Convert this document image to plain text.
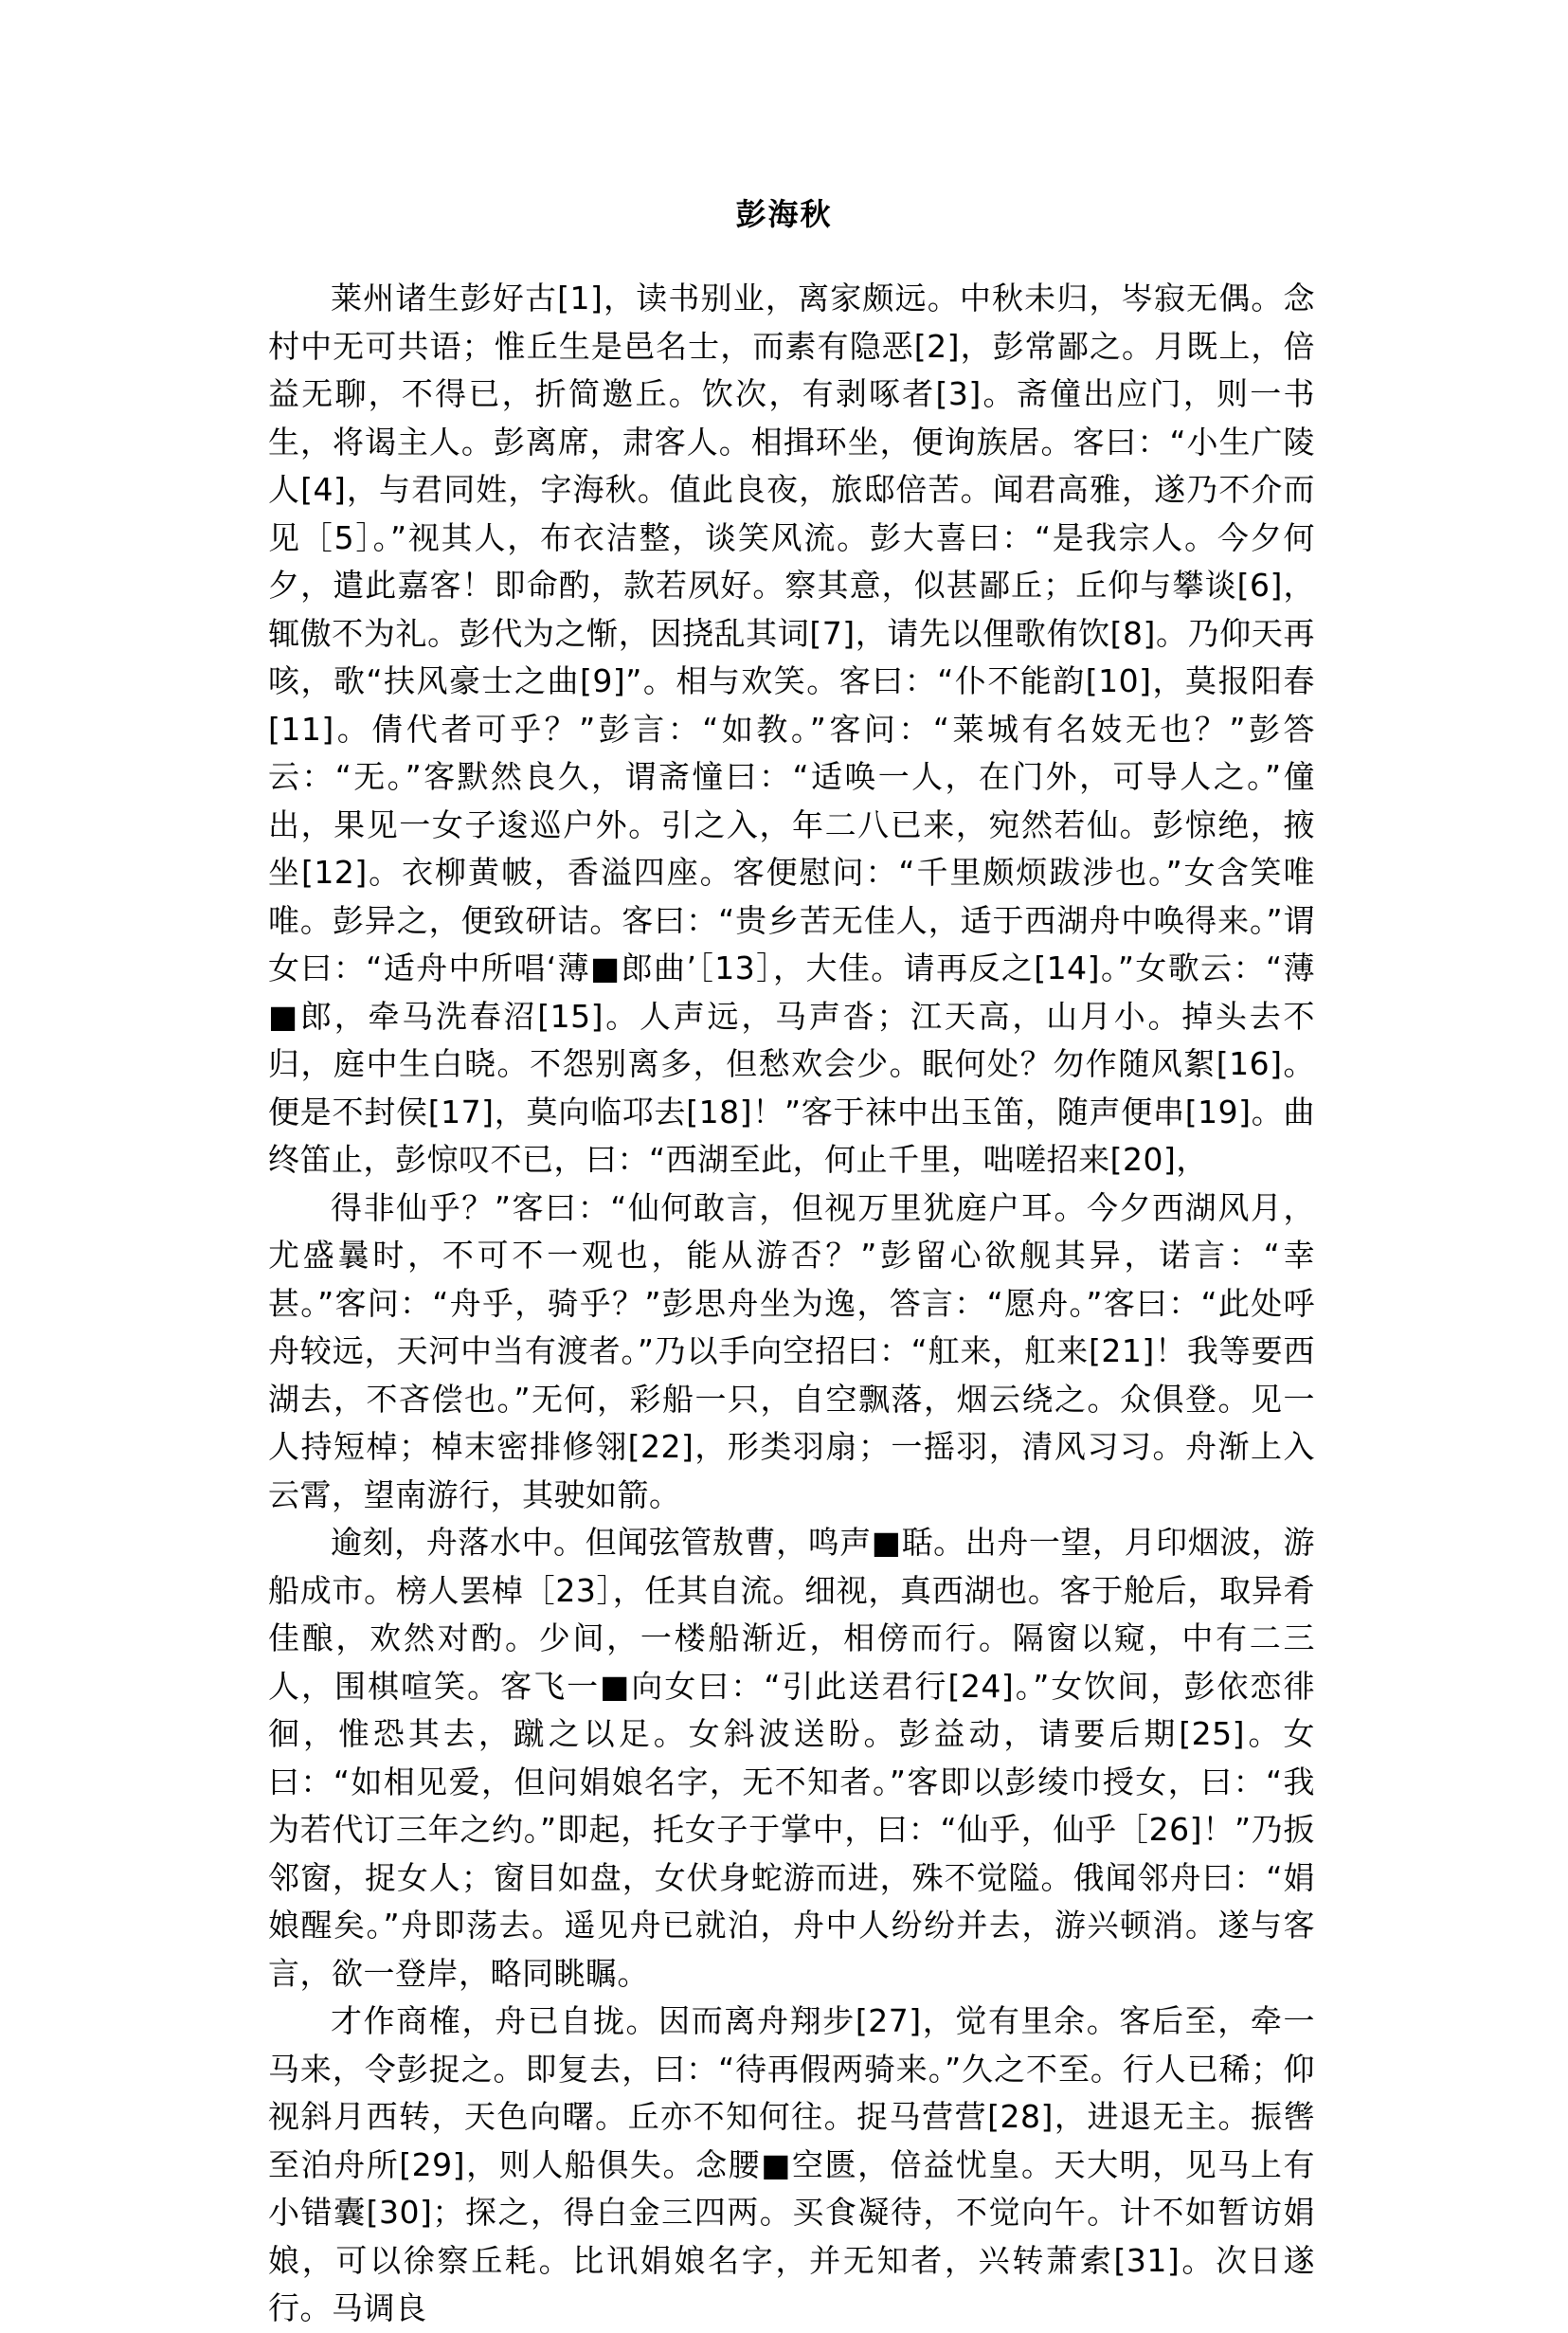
彭海秋

莱州诸生彭好古[1]，读书别业，离家颇远。中秋未归，岑寂无偶。念村中无可共语；惟丘生是邑名士，而素有隐恶[2]，彭常鄙之。月既上，倍益无聊，不得已，折简邀丘。饮次，有剥啄者[3]。斋僮出应门，则一书生，将谒主人。彭离席，肃客人。相揖环坐，便询族居。客曰：“小生广陵人[4]，与君同姓，字海秋。值此良夜，旅邸倍苦。闻君高雅，遂乃不介而见［5］。”视其人，布衣洁整，谈笑风流。彭大喜曰：“是我宗人。今夕何夕，遣此嘉客！即命酌，款若夙好。察其意，似甚鄙丘；丘仰与攀谈[6]，辄傲不为礼。彭代为之惭，因挠乱其词[7]，请先以俚歌侑饮[8]。乃仰天再咳，歌“扶风豪士之曲[9]”。相与欢笑。客曰：“仆不能韵[10]，莫报阳春[11]。倩代者可乎？”彭言：“如教。”客问：“莱城有名妓无也？”彭答云：“无。”客默然良久，谓斋憧曰：“适唤一人，在门外，可导人之。”僮出，果见一女子逡巡户外。引之入，年二八已来，宛然若仙。彭惊绝，掖坐[12]。衣柳黄帔，香溢四座。客便慰问：“千里颇烦跋涉也。”女含笑唯唯。彭异之，便致研诘。客曰：“贵乡苦无佳人，适于西湖舟中唤得来。”谓女曰：“适舟中所唱‘薄■郎曲’［13］，大佳。请再反之[14]。”女歌云：“薄■郎，牵马洗春沼[15]。人声远，马声沓；江天高，山月小。掉头去不归，庭中生白晓。不怨别离多，但愁欢会少。眠何处？勿作随风絮[16]。便是不封侯[17]，莫向临邛去[18]！”客于袜中出玉笛，随声便串[19]。曲终笛止，彭惊叹不已，曰：“西湖至此，何止千里，咄嗟招来[20]，

得非仙乎？”客曰：“仙何敢言，但视万里犹庭户耳。今夕西湖风月，尤盛曩时，不可不一观也，能从游否？”彭留心欲舰其异，诺言：“幸甚。”客问：“舟乎，骑乎？”彭思舟坐为逸，答言：“愿舟。”客曰：“此处呼舟较远，天河中当有渡者。”乃以手向空招曰：“舡来，舡来[21]！我等要西湖去，不吝偿也。”无何，彩船一只，自空飘落，烟云绕之。众俱登。见一人持短棹；棹末密排修翎[22]，形类羽扇；一摇羽，清风习习。舟渐上入云霄，望南游行，其驶如箭。

逾刻，舟落水中。但闻弦管敖曹，鸣声■聒。出舟一望，月印烟波，游船成市。榜人罢棹［23］，任其自流。细视，真西湖也。客于舱后，取异肴佳酿，欢然对酌。少间，一楼船渐近，相傍而行。隔窗以窥，中有二三人，围棋喧笑。客飞一■向女曰：“引此送君行[24]。”女饮间，彭依恋徘徊，惟恐其去，蹴之以足。女斜波送盼。彭益动，请要后期[25]。女曰：“如相见爱，但问娟娘名字，无不知者。”客即以彭绫巾授女，曰：“我为若代订三年之约。”即起，托女子于掌中，曰：“仙乎，仙乎［26]！”乃扳邻窗，捉女人；窗目如盘，女伏身蛇游而进，殊不觉隘。俄闻邻舟曰：“娟娘醒矣。”舟即荡去。遥见舟已就泊，舟中人纷纷并去，游兴顿消。遂与客言，欲一登岸，略同眺瞩。

才作商榷，舟已自拢。因而离舟翔步[27]，觉有里余。客后至，牵一马来，令彭捉之。即复去，曰：“待再假两骑来。”久之不至。行人已稀；仰视斜月西转，天色向曙。丘亦不知何往。捉马营营[28]，进退无主。振辔至泊舟所[29]，则人船俱失。念腰■空匮，倍益忧皇。天大明，见马上有小错囊[30]；探之，得白金三四两。买食凝待，不觉向午。计不如暂访娟娘，可以徐察丘耗。比讯娟娘名字，并无知者，兴转萧索[31]。次日遂行。马调良
